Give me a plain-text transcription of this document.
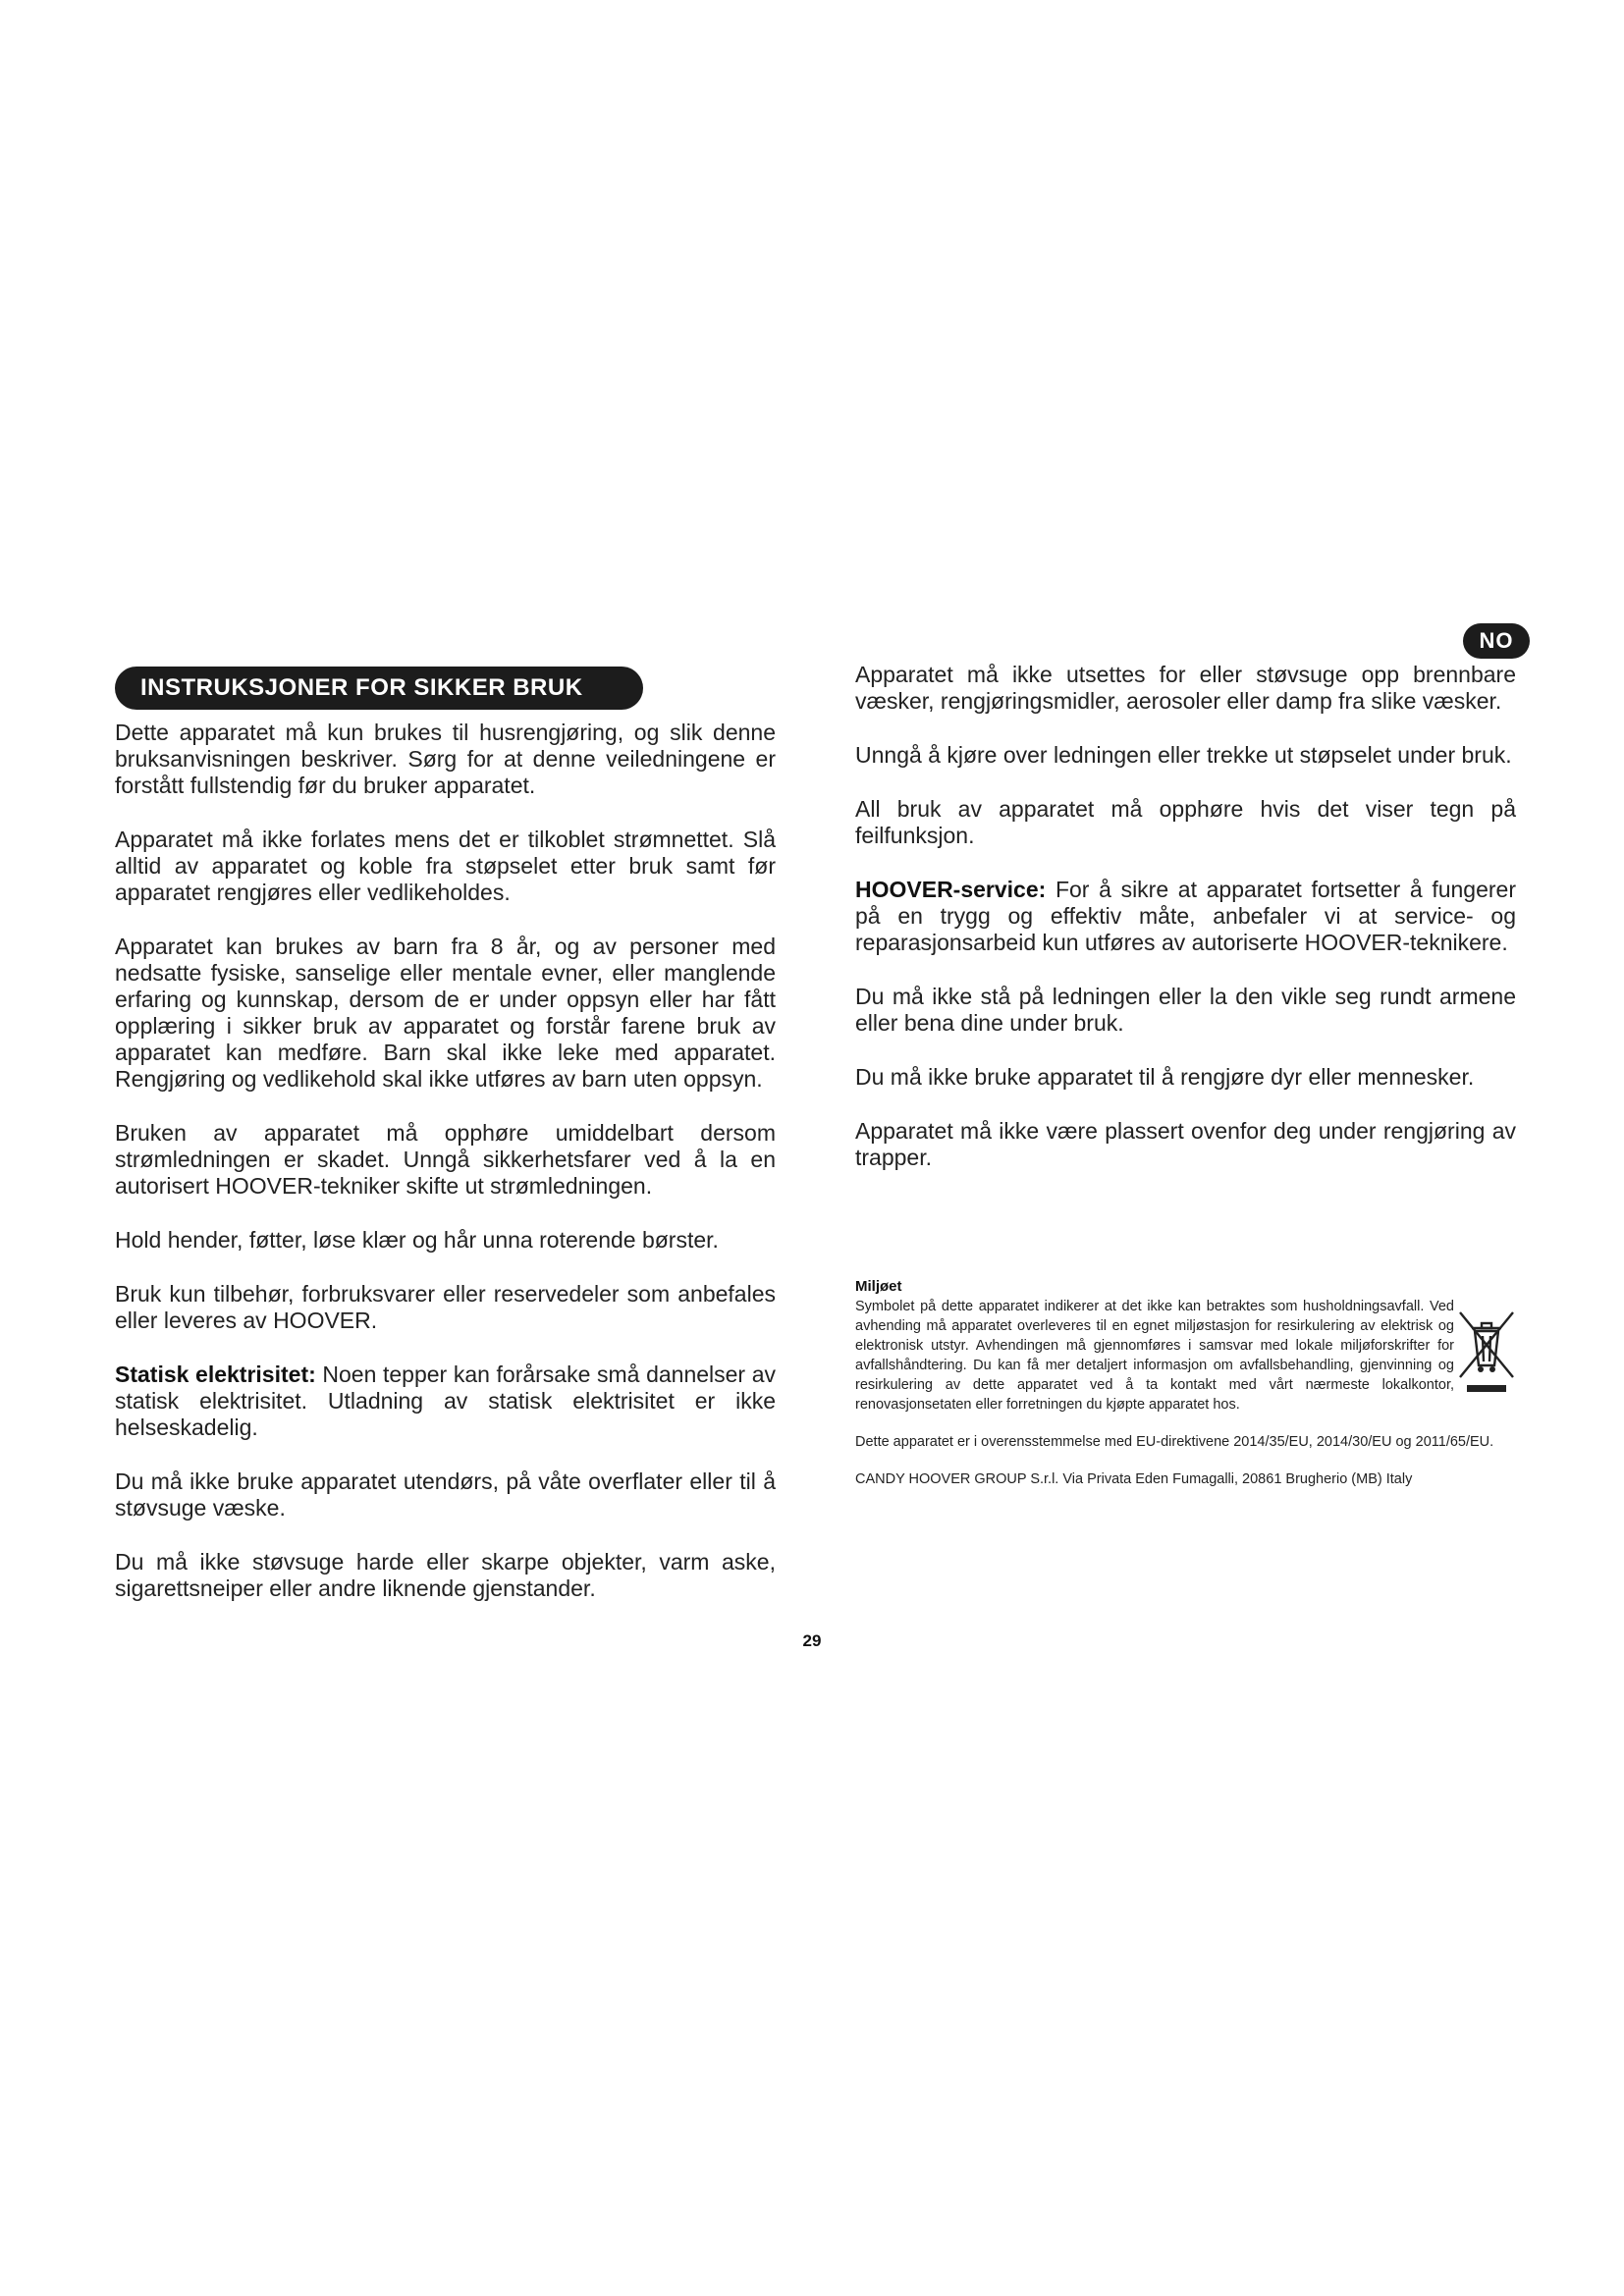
NO
INSTRUKSJONER FOR SIKKER BRUK

Dette apparatet må kun brukes til husrengjøring, og slik denne bruksanvisningen beskriver. Sørg for at denne veiledningene er forstått fullstendig før du bruker apparatet.

Apparatet må ikke forlates mens det er tilkoblet strømnettet. Slå alltid av apparatet og koble fra støpselet etter bruk samt før apparatet rengjøres eller vedlikeholdes.

Apparatet kan brukes av barn fra 8 år, og av personer med nedsatte fysiske, sanselige eller mentale evner, eller manglende erfaring og kunnskap, dersom de er under oppsyn eller har fått opplæring i sikker bruk av apparatet og forstår farene bruk av apparatet kan medføre. Barn skal ikke leke med apparatet. Rengjøring og vedlikehold skal ikke utføres av barn uten oppsyn.

Bruken av apparatet må opphøre umiddelbart dersom strømledningen er skadet. Unngå sikkerhetsfarer ved å la en autorisert HOOVER-tekniker skifte ut strømledningen.

Hold hender, føtter, løse klær og hår unna roterende børster.

Bruk kun tilbehør, forbruksvarer eller reservedeler som anbefales eller leveres av HOOVER.

Statisk elektrisitet: Noen tepper kan forårsake små dannelser av statisk elektrisitet. Utladning av statisk elektrisitet er ikke helseskadelig.

Du må ikke bruke apparatet utendørs, på våte overflater eller til å støvsuge væske.

Du må ikke støvsuge harde eller skarpe objekter, varm aske, sigarettsneiper eller andre liknende gjenstander.

Apparatet må ikke utsettes for eller støvsuge opp brennbare væsker, rengjøringsmidler, aerosoler eller damp fra slike væsker.

Unngå å kjøre over ledningen eller trekke ut støpselet under bruk.

All bruk av apparatet må opphøre hvis det viser tegn på feilfunksjon.

HOOVER-service: For å sikre at apparatet fortsetter å fungerer på en trygg og effektiv måte, anbefaler vi at service- og reparasjonsarbeid kun utføres av autoriserte HOOVER-teknikere.

Du må ikke stå på ledningen eller la den vikle seg rundt armene eller bena dine under bruk.

Du må ikke bruke apparatet til å rengjøre dyr eller mennesker.

Apparatet må ikke være plassert ovenfor deg under rengjøring av trapper.

Miljøet

Symbolet på dette apparatet indikerer at det ikke kan betraktes som husholdningsavfall. Ved avhending må apparatet overleveres til en egnet miljøstasjon for resirkulering av elektrisk og elektronisk utstyr. Avhendingen må gjennomføres i samsvar med lokale miljøforskrifter for avfallshåndtering. Du kan få mer detaljert informasjon om avfallsbehandling, gjenvinning og resirkulering av dette apparatet ved å ta kontakt med vårt nærmeste lokalkontor, renovasjonsetaten eller forretningen du kjøpte apparatet hos.

Dette apparatet er i overensstemmelse med EU-direktivene 2014/35/EU, 2014/30/EU og 2011/65/EU.

CANDY HOOVER GROUP S.r.l. Via Privata Eden Fumagalli, 20861 Brugherio (MB) Italy

29
